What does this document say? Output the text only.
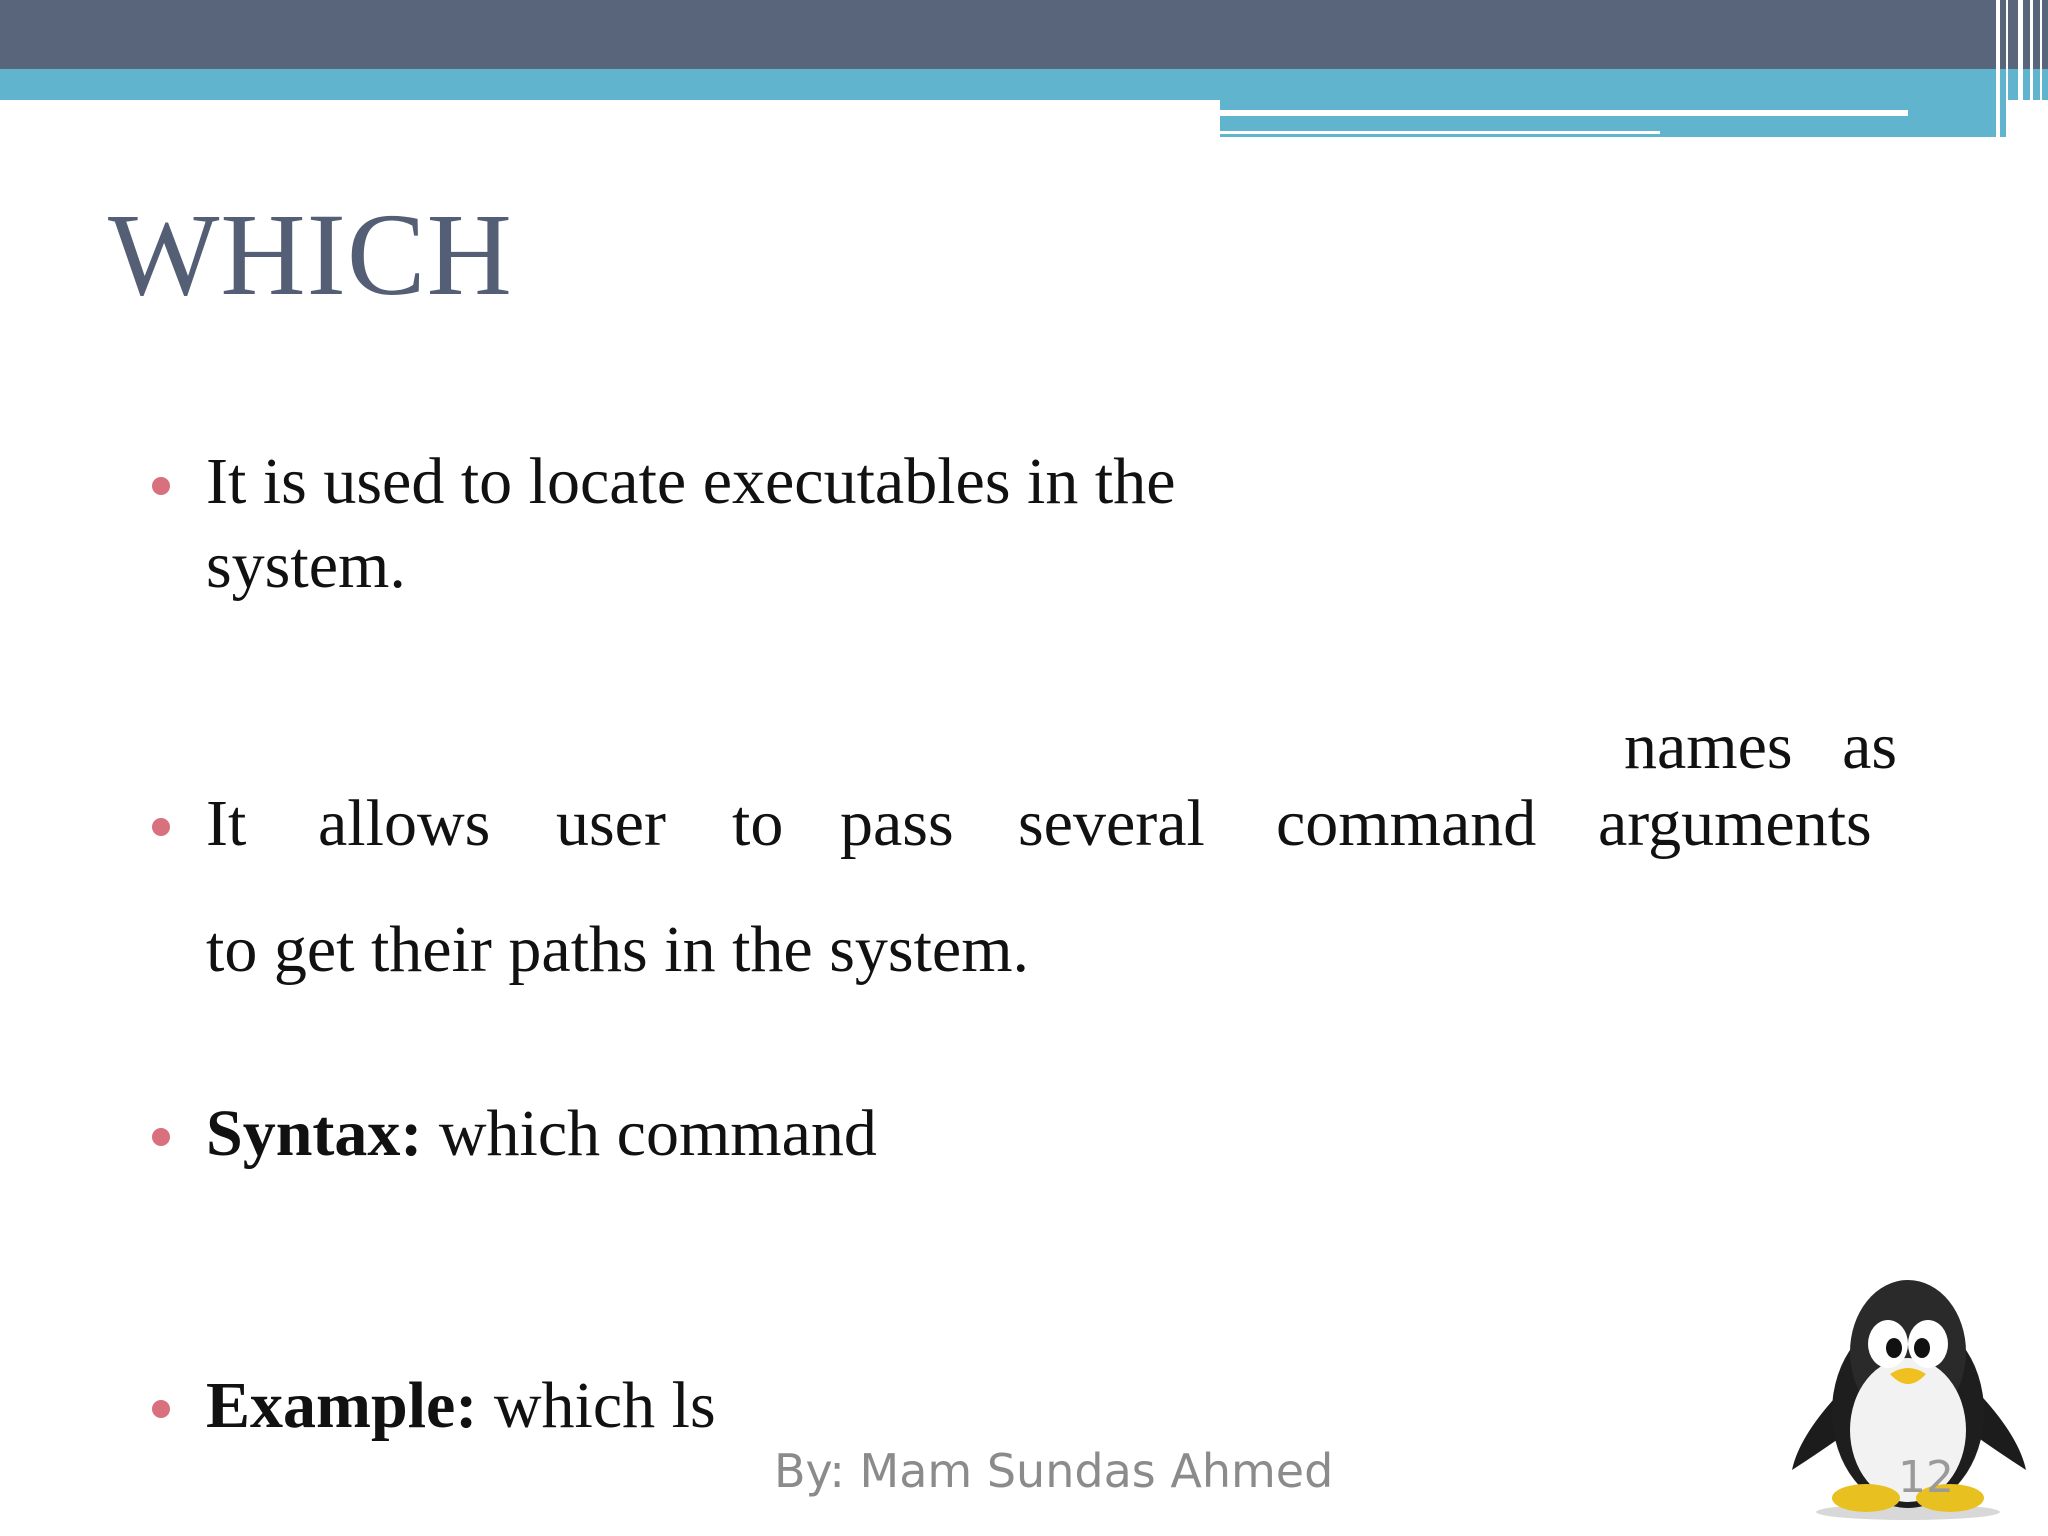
WHICH
It is used to locate executables in the system.
names   as
It allows user to pass several command arguments
to get their paths in the system.
Syntax: which command
Example: which ls
By: Mam Sundas Ahmed	12
